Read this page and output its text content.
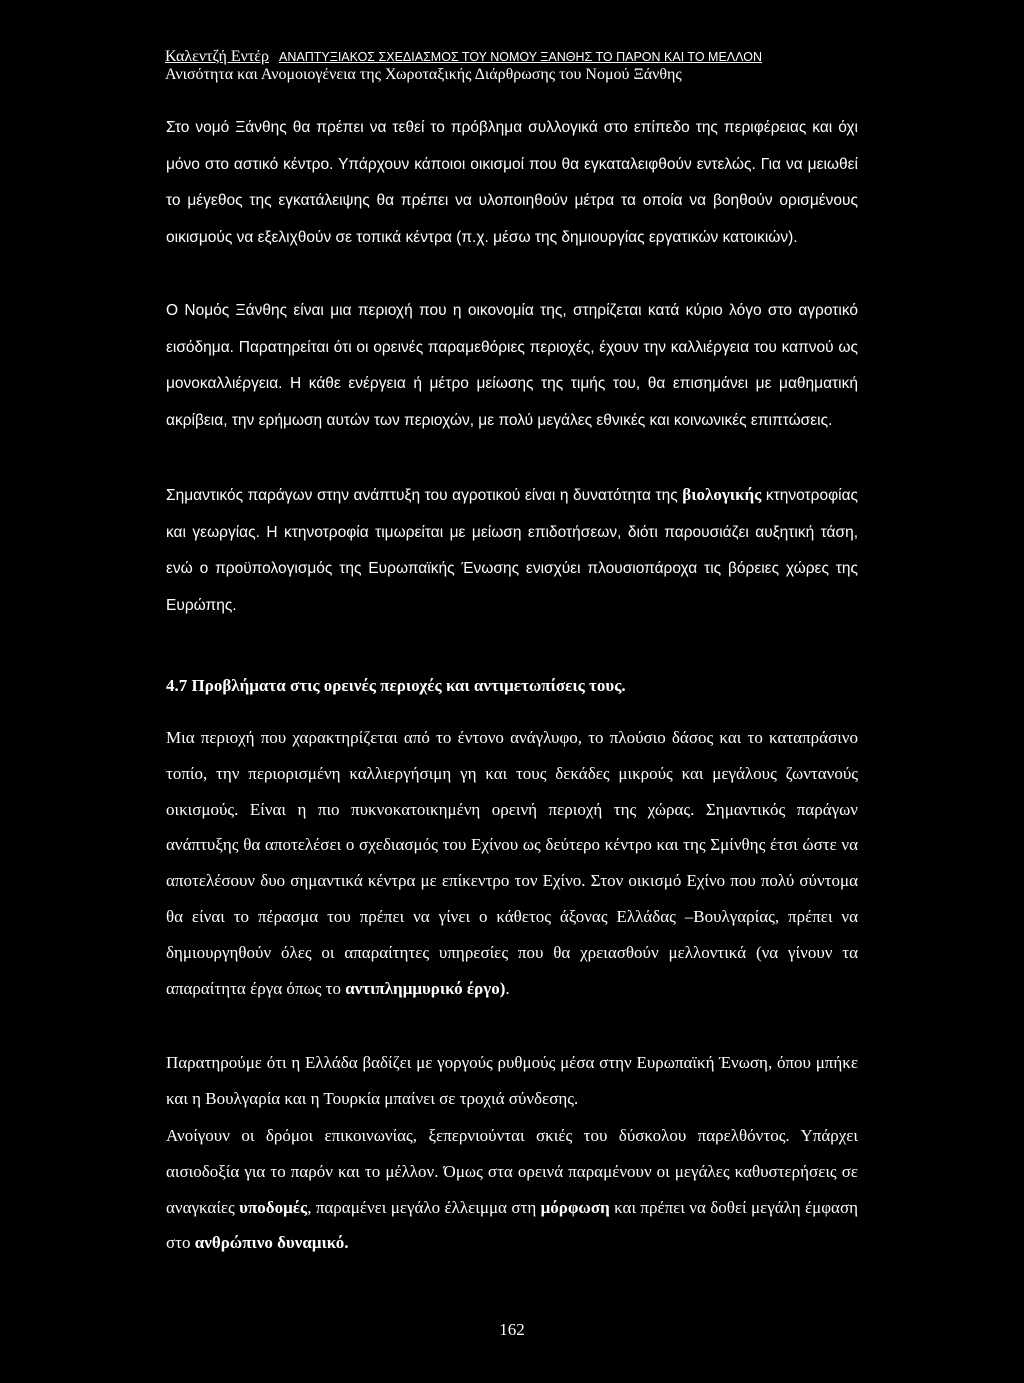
Καλεντζή Εντέρ ΑΝΑΠΤΥΞΙΑΚΟΣ ΣΧΕΔΙΑΣΜΟΣ ΤΟΥ ΝΟΜΟΥ ΞΑΝΘΗΣ ΤΟ ΠΑΡΟΝ ΚΑΙ ΤΟ ΜΕΛΛΟΝ
Ανισότητα και Ανομοιογένεια της Χωροταξικής Διάρθρωσης του Νομού Ξάνθης

Στο νομό Ξάνθης θα πρέπει να τεθεί το πρόβλημα συλλογικά στο επίπεδο της περιφέρειας και όχι μόνο στο αστικό κέντρο. Υπάρχουν κάποιοι οικισμοί που θα εγκαταλειφθούν εντελώς. Για να μειωθεί το μέγεθος της εγκατάλειψης θα πρέπει να υλοποιηθούν μέτρα τα οποία να βοηθούν ορισμένους οικισμούς να εξελιχθούν σε τοπικά κέντρα (π.χ. μέσω της δημιουργίας εργατικών κατοικιών).

Ο Νομός Ξάνθης είναι μια περιοχή που η οικονομία της, στηρίζεται κατά κύριο λόγο στο αγροτικό εισόδημα. Παρατηρείται ότι οι ορεινές παραμεθόριες περιοχές, έχουν την καλλιέργεια του καπνού ως μονοκαλλιέργεια. Η κάθε ενέργεια ή μέτρο μείωσης της τιμής του, θα επισημάνει με μαθηματική ακρίβεια, την ερήμωση αυτών των περιοχών, με πολύ μεγάλες εθνικές και κοινωνικές επιπτώσεις.

Σημαντικός παράγων στην ανάπτυξη του αγροτικού είναι η δυνατότητα της βιολογικής κτηνοτροφίας και γεωργίας. Η κτηνοτροφία τιμωρείται με μείωση επιδοτήσεων, διότι παρουσιάζει αυξητική τάση, ενώ ο προϋπολογισμός της Ευρωπαϊκής Ένωσης ενισχύει πλουσιοπάροχα τις βόρειες χώρες της Ευρώπης.

4.7 Προβλήματα στις ορεινές περιοχές και αντιμετωπίσεις τους.

Μια περιοχή που χαρακτηρίζεται από το έντονο ανάγλυφο, το πλούσιο δάσος και το καταπράσινο τοπίο, την περιορισμένη καλλιεργήσιμη γη και τους δεκάδες μικρούς και μεγάλους ζωντανούς οικισμούς. Είναι η πιο πυκνοκατοικημένη ορεινή περιοχή της χώρας. Σημαντικός παράγων ανάπτυξης θα αποτελέσει ο σχεδιασμός του Εχίνου ως δεύτερο κέντρο και της Σμίνθης έτσι ώστε να αποτελέσουν δυο σημαντικά κέντρα με επίκεντρο τον Εχίνο. Στον οικισμό Εχίνο που πολύ σύντομα θα είναι το πέρασμα του πρέπει να γίνει ο κάθετος άξονας Ελλάδας –Βουλγαρίας, πρέπει να δημιουργηθούν όλες οι απαραίτητες υπηρεσίες που θα χρειασθούν μελλοντικά (να γίνουν τα απαραίτητα έργα όπως το αντιπλημμυρικό έργο).

Παρατηρούμε ότι η Ελλάδα βαδίζει με γοργούς ρυθμούς μέσα στην Ευρωπαϊκή Ένωση, όπου μπήκε και η Βουλγαρία και η Τουρκία μπαίνει σε τροχιά σύνδεσης.

Ανοίγουν οι δρόμοι επικοινωνίας, ξεπερνιούνται σκιές του δύσκολου παρελθόντος. Υπάρχει αισιοδοξία για το παρόν και το μέλλον. Όμως στα ορεινά παραμένουν οι μεγάλες καθυστερήσεις σε αναγκαίες υποδομές, παραμένει μεγάλο έλλειμμα στη μόρφωση και πρέπει να δοθεί μεγάλη έμφαση στο ανθρώπινο δυναμικό.

162
